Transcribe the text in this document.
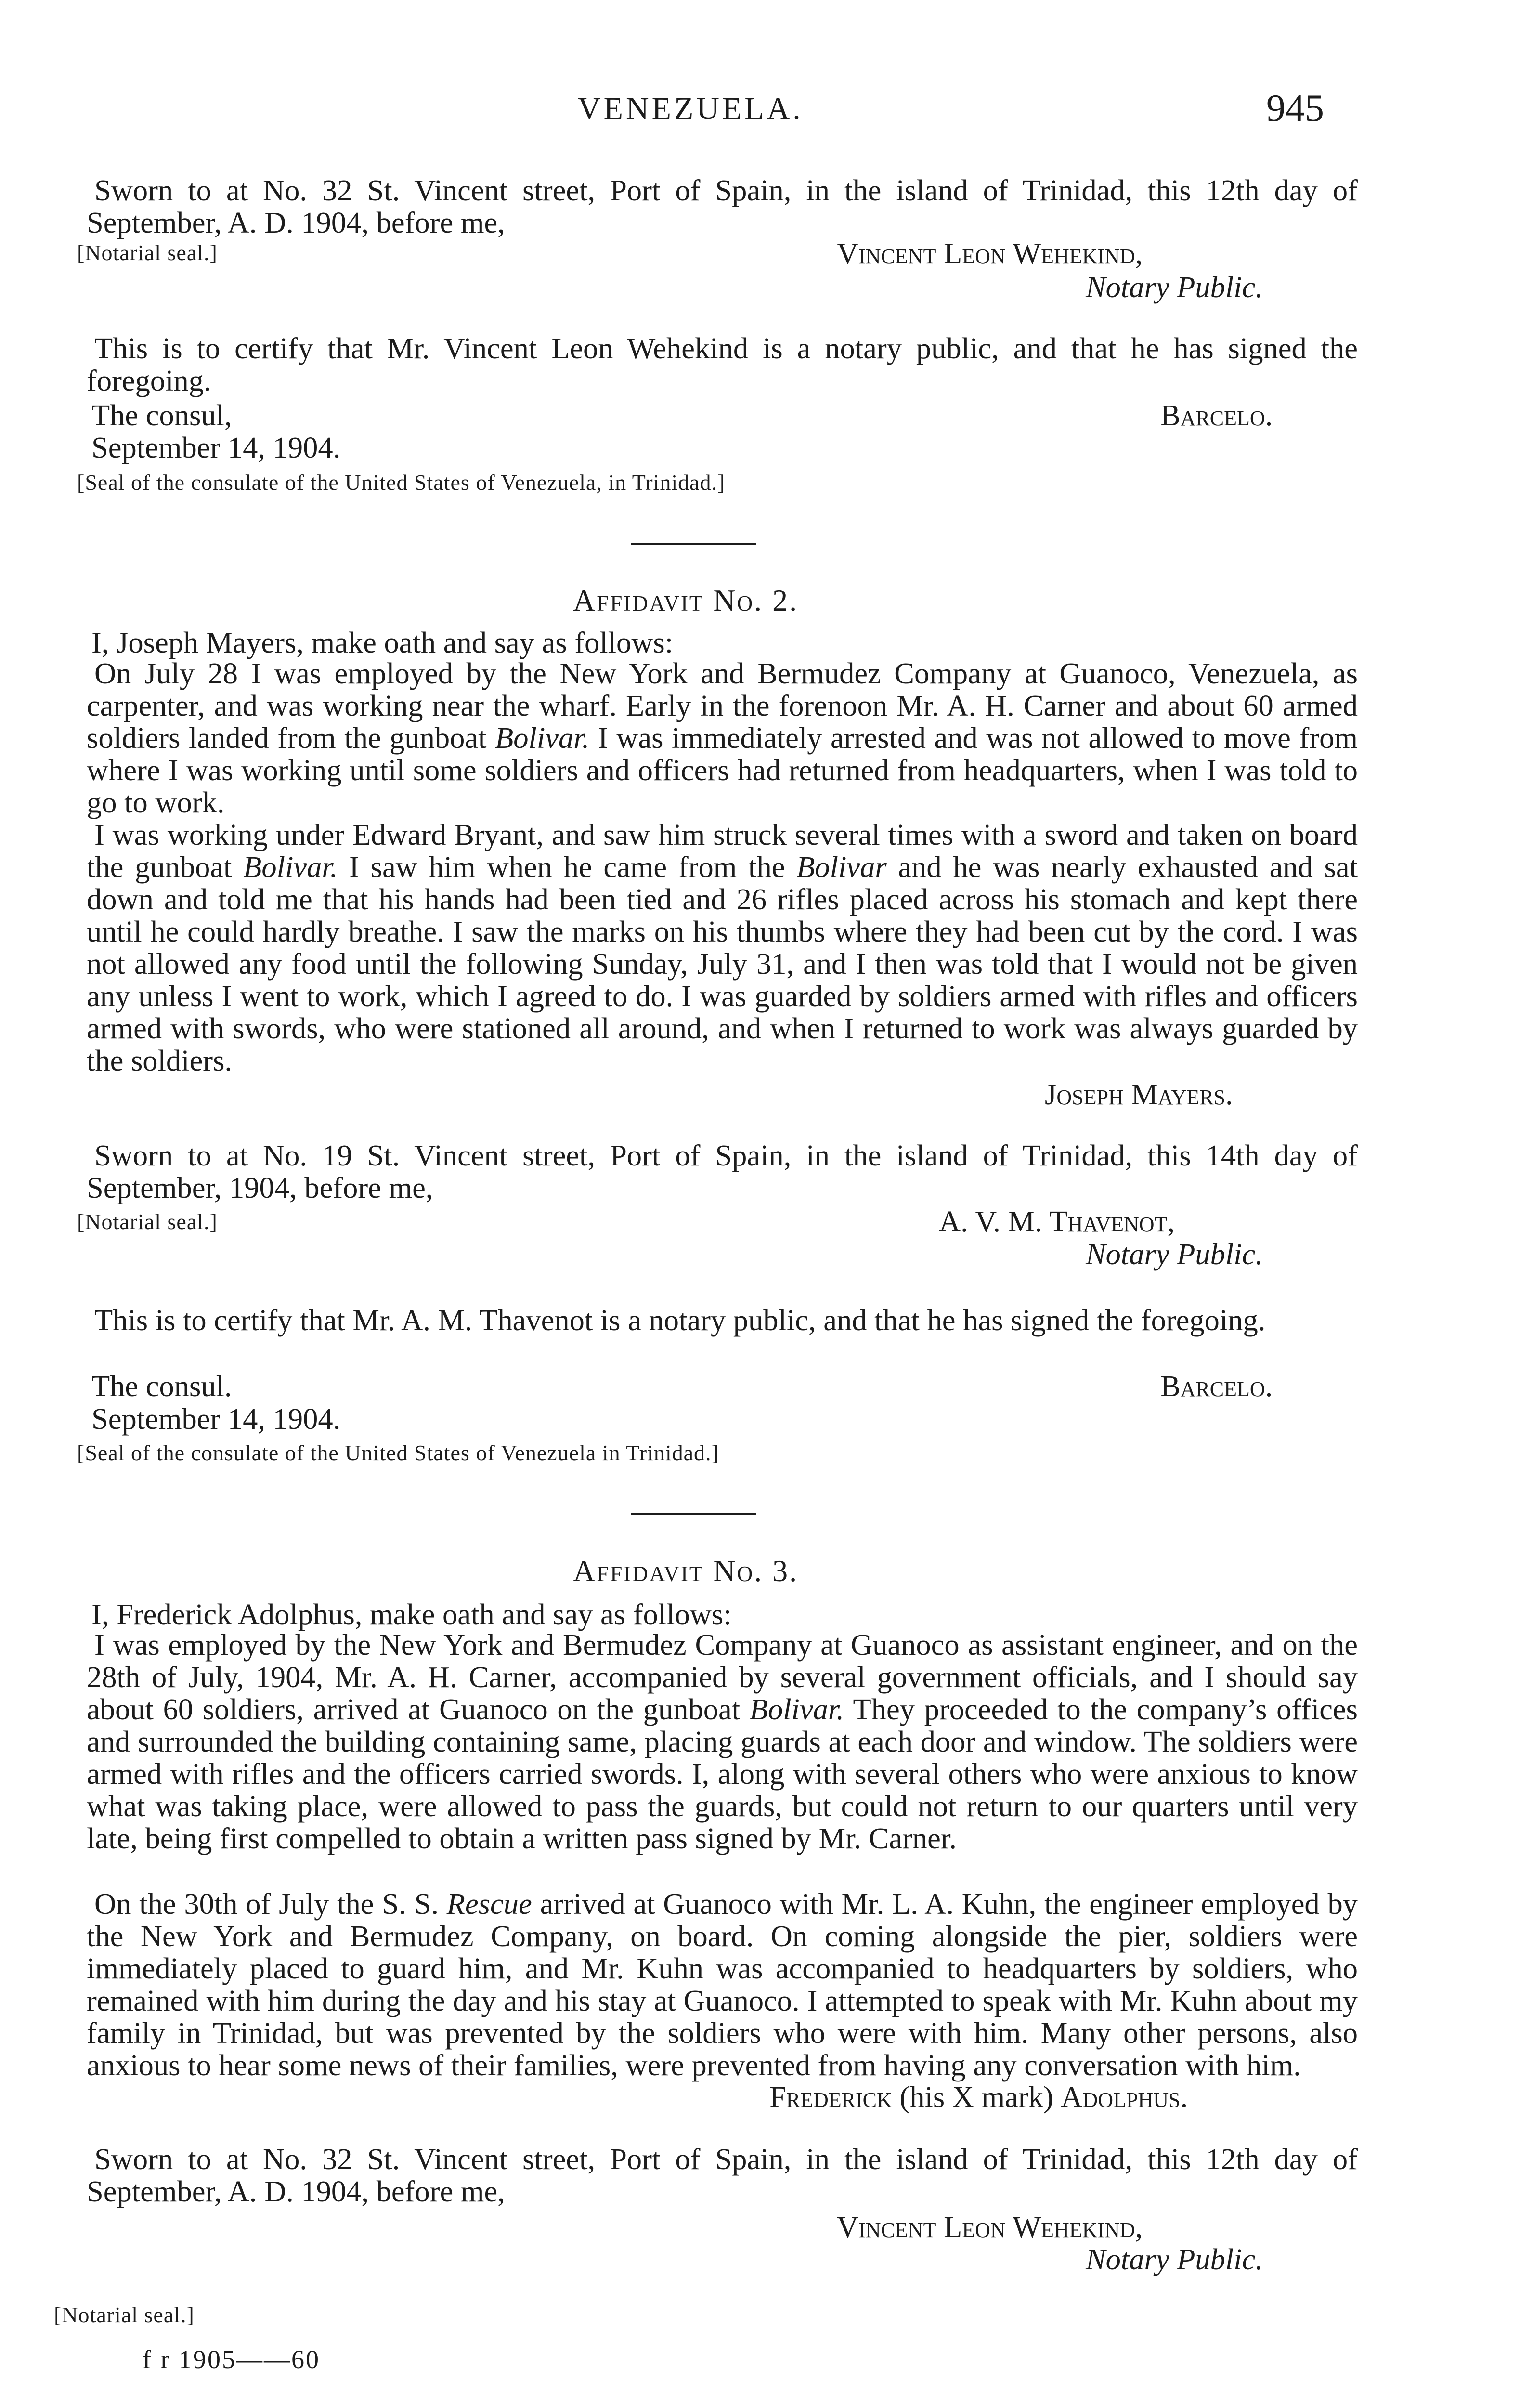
VENEZUELA.	945
Sworn to at No. 32 St. Vincent street, Port of Spain, in the island of Trinidad, this 12th day of September, A. D. 1904, before me,
[Notarial seal.]	Vincent Leon Wehekind,
Notary Public.
This is to certify that Mr. Vincent Leon Wehekind is a notary public, and that he has signed the foregoing.
The consul,	Barcelo.
September 14, 1904.
[Seal of the consulate of the United States of Venezuela, in Trinidad.]
Affidavit No. 2.
I, Joseph Mayers, make oath and say as follows:
On July 28 I was employed by the New York and Bermudez Company at Guanoco, Venezuela, as carpenter, and was working near the wharf. Early in the forenoon Mr. A. H. Carner and about 60 armed soldiers landed from the gunboat Bolivar. I was immediately arrested and was not allowed to move from where I was working until some soldiers and officers had returned from headquarters, when I was told to go to work.
I was working under Edward Bryant, and saw him struck several times with a sword and taken on board the gunboat Bolivar. I saw him when he came from the Bolivar and he was nearly exhausted and sat down and told me that his hands had been tied and 26 rifles placed across his stomach and kept there until he could hardly breathe. I saw the marks on his thumbs where they had been cut by the cord. I was not allowed any food until the following Sunday, July 31, and I then was told that I would not be given any unless I went to work, which I agreed to do. I was guarded by soldiers armed with rifles and officers armed with swords, who were stationed all around, and when I returned to work was always guarded by the soldiers.
Joseph Mayers.
Sworn to at No. 19 St. Vincent street, Port of Spain, in the island of Trinidad, this 14th day of September, 1904, before me,
[Notarial seal.]	A. V. M. Thavenot,
Notary Public.
This is to certify that Mr. A. M. Thavenot is a notary public, and that he has signed the foregoing.
The consul.	Barcelo.
September 14, 1904.
[Seal of the consulate of the United States of Venezuela in Trinidad.]
Affidavit No. 3.
I, Frederick Adolphus, make oath and say as follows:
I was employed by the New York and Bermudez Company at Guanoco as assistant engineer, and on the 28th of July, 1904, Mr. A. H. Carner, accompanied by several government officials, and I should say about 60 soldiers, arrived at Guanoco on the gunboat Bolivar. They proceeded to the company’s offices and surrounded the building containing same, placing guards at each door and window. The soldiers were armed with rifles and the officers carried swords. I, along with several others who were anxious to know what was taking place, were allowed to pass the guards, but could not return to our quarters until very late, being first compelled to obtain a written pass signed by Mr. Carner.
On the 30th of July the S. S. Rescue arrived at Guanoco with Mr. L. A. Kuhn, the engineer employed by the New York and Bermudez Company, on board. On coming alongside the pier, soldiers were immediately placed to guard him, and Mr. Kuhn was accompanied to headquarters by soldiers, who remained with him during the day and his stay at Guanoco. I attempted to speak with Mr. Kuhn about my family in Trinidad, but was prevented by the soldiers who were with him. Many other persons, also anxious to hear some news of their families, were prevented from having any conversation with him.
Frederick (his X mark) Adolphus.
Sworn to at No. 32 St. Vincent street, Port of Spain, in the island of Trinidad, this 12th day of September, A. D. 1904, before me,
Vincent Leon Wehekind,
Notary Public.
[Notarial seal.]
f r 1905——60
